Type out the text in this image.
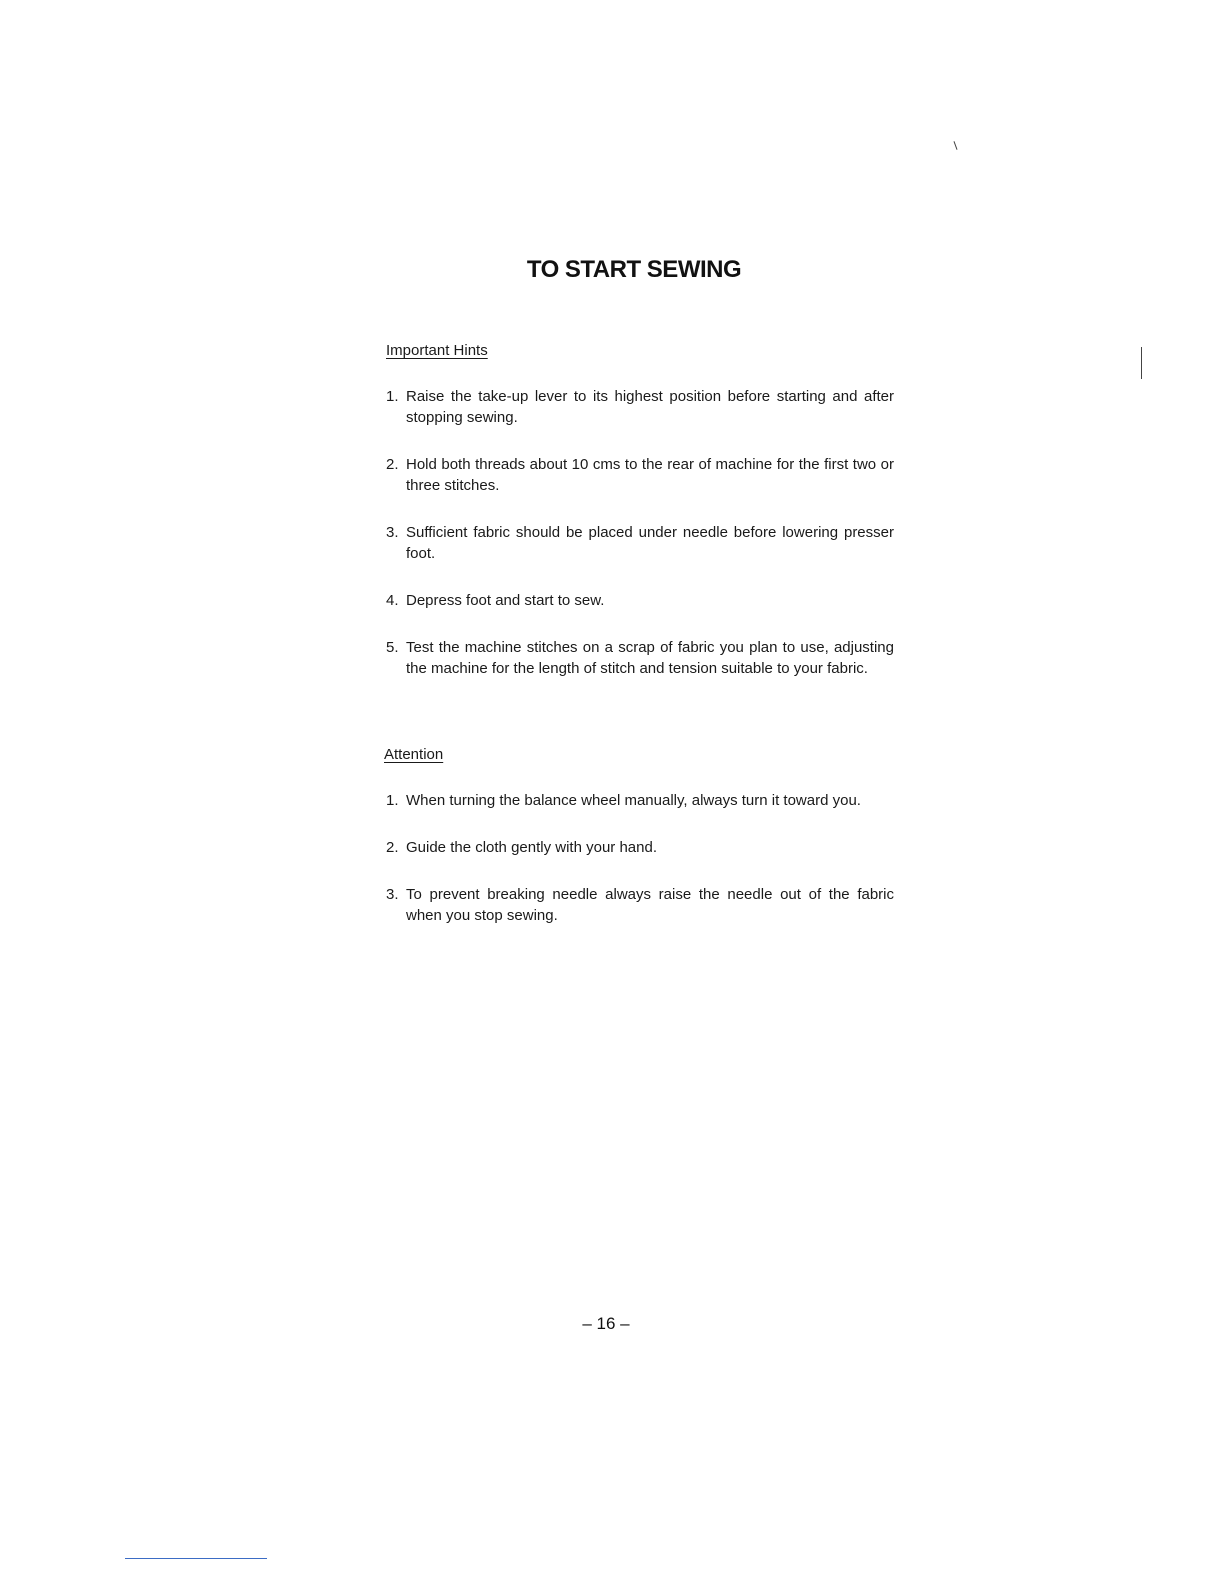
TO START SEWING
Important Hints
1. Raise the take-up lever to its highest position before starting and after stopping sewing.
2. Hold both threads about 10 cms to the rear of machine for the first two or three stitches.
3. Sufficient fabric should be placed under needle before lowering presser foot.
4. Depress foot and start to sew.
5. Test the machine stitches on a scrap of fabric you plan to use, adjusting the machine for the length of stitch and tension suitable to your fabric.
Attention
1. When turning the balance wheel manually, always turn it toward you.
2. Guide the cloth gently with your hand.
3. To prevent breaking needle always raise the needle out of the fabric when you stop sewing.
– 16 –
